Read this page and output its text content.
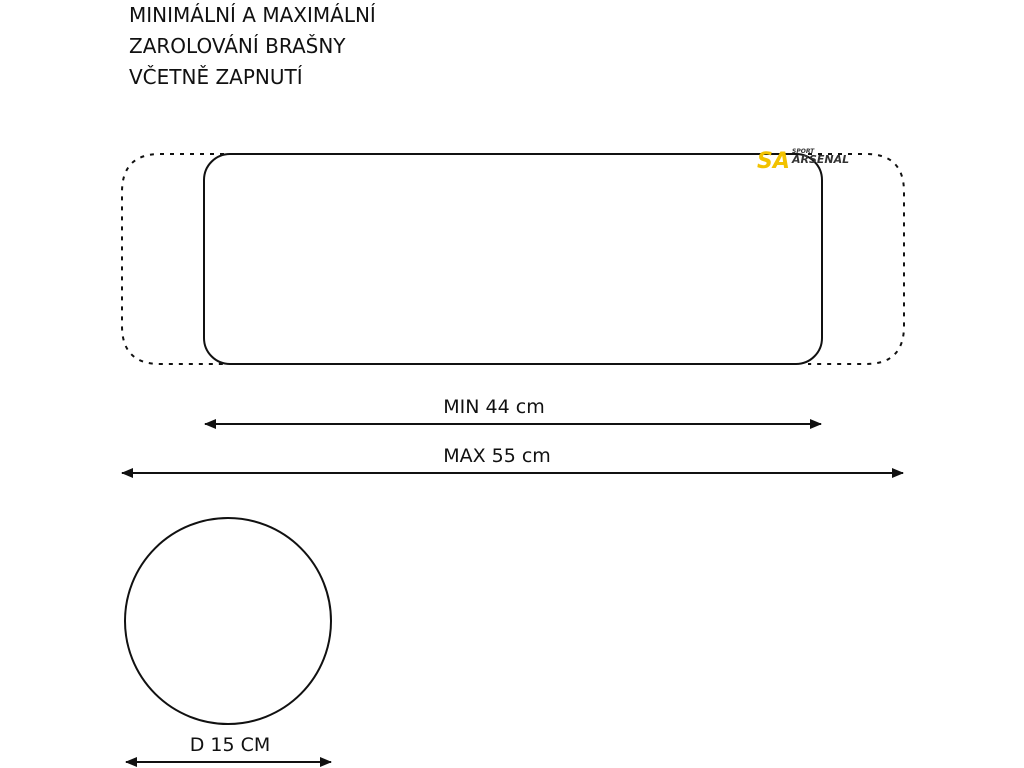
MINIMÁLNÍ A MAXIMÁLNÍ
ZAROLOVÁNÍ BRAŠNY
VČETNĚ ZAPNUTÍ
SA SPORT
ARSENAL
MIN 44 cm
MAX 55 cm
D 15 CM
